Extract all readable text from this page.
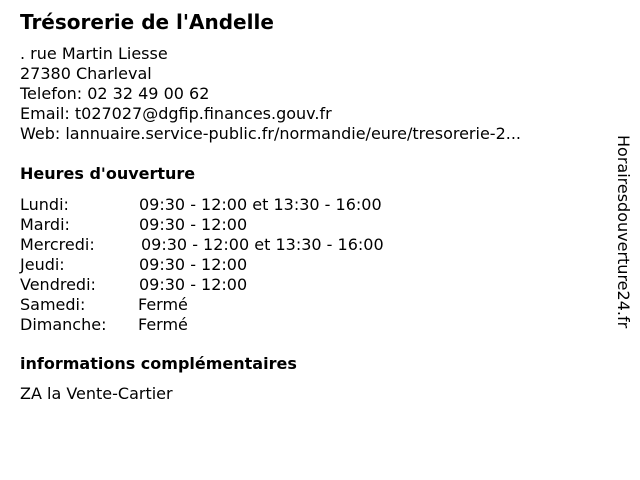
Trésorerie de l'Andelle
. rue Martin Liesse
27380 Charleval
Telefon: 02 32 49 00 62
Email: t027027@dgfip.finances.gouv.fr
Web: lannuaire.service-public.fr/normandie/eure/tresorerie-2...
Heures d'ouverture
Lundi:	09:30 - 12:00 et 13:30 - 16:00
Mardi:	09:30 - 12:00
Mercredi:	09:30 - 12:00 et 13:30 - 16:00
Jeudi:	09:30 - 12:00
Vendredi:	09:30 - 12:00
Samedi:	Fermé
Dimanche: Fermé
informations complémentaires
ZA la Vente-Cartier
Horairesdouverture24.fr
